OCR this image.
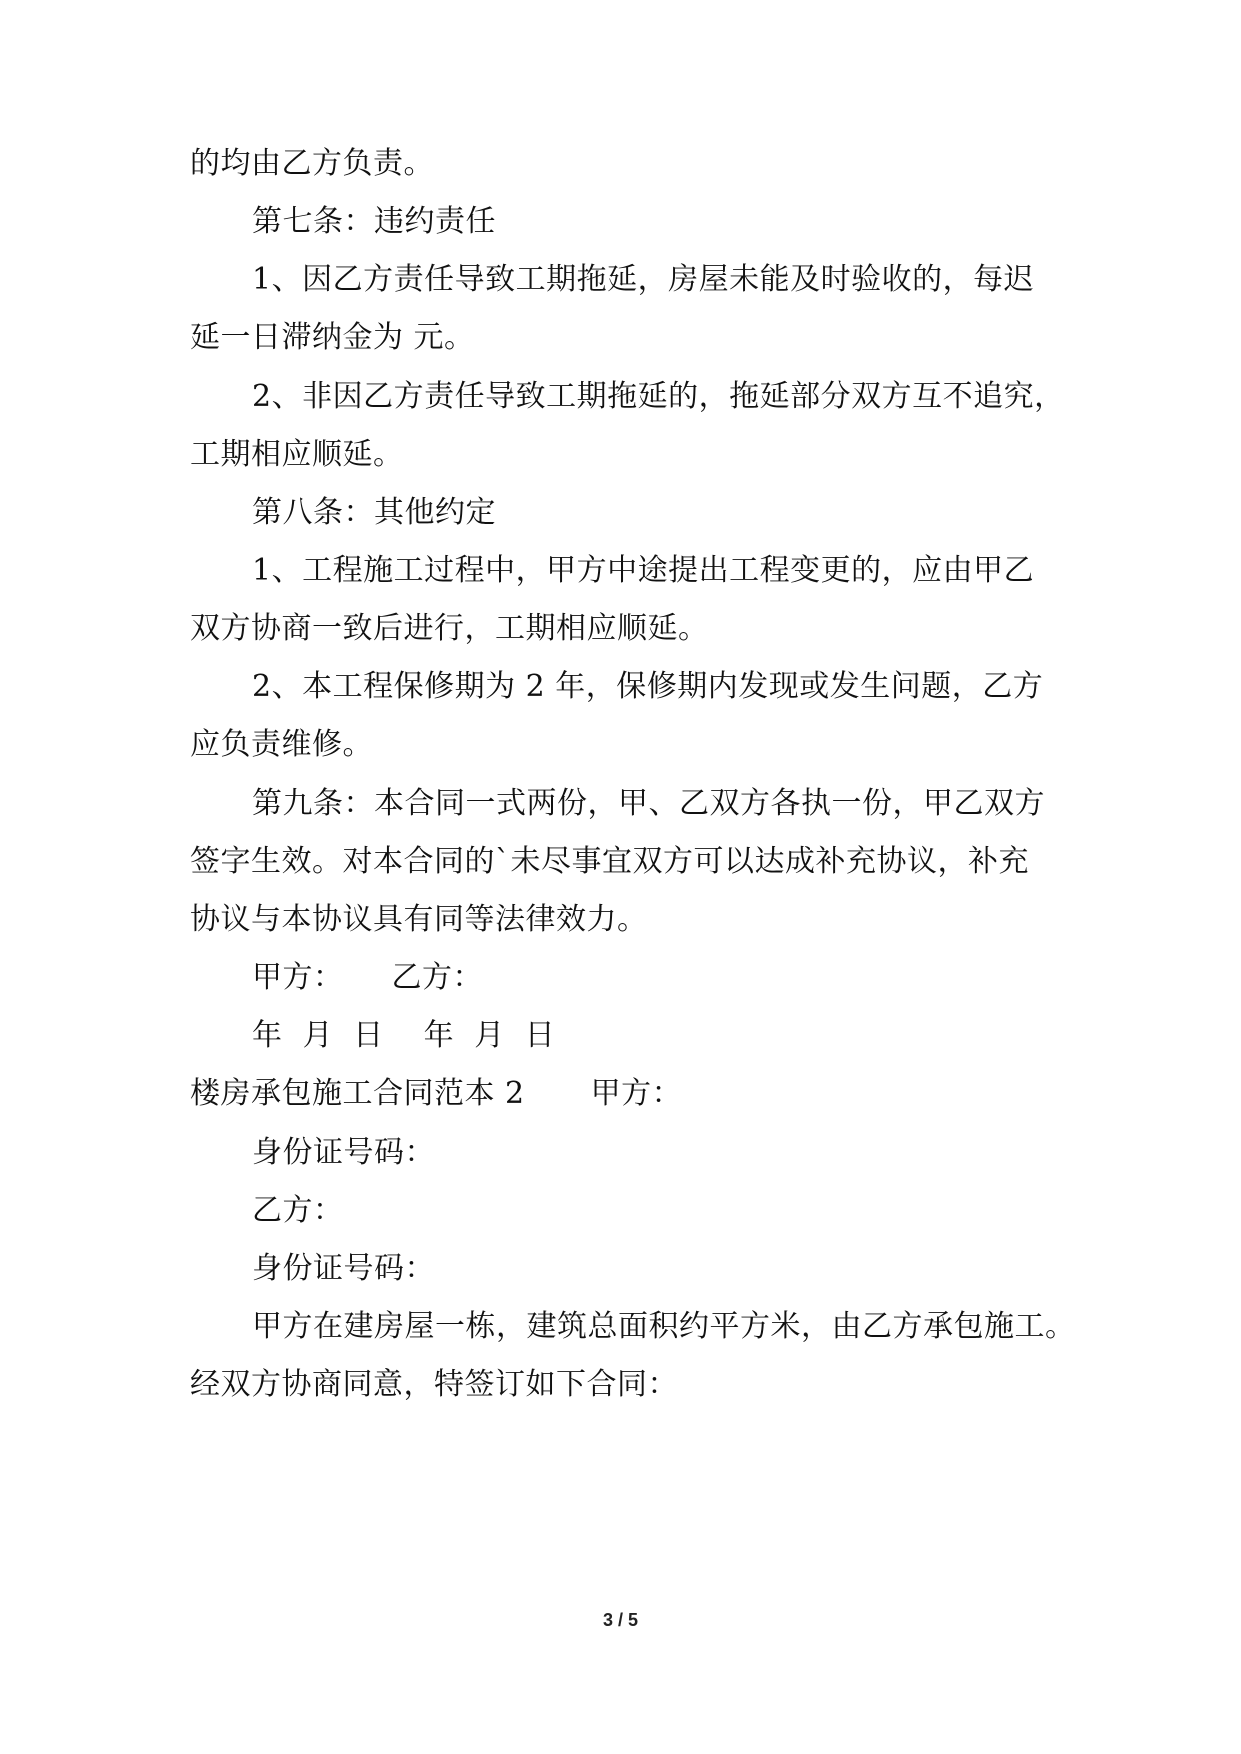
的均由乙方负责。
第七条：违约责任
1、因乙方责任导致工期拖延，房屋未能及时验收的，每迟
延一日滞纳金为 元。
2、非因乙方责任导致工期拖延的，拖延部分双方互不追究，
工期相应顺延。
第八条：其他约定
1、工程施工过程中，甲方中途提出工程变更的，应由甲乙
双方协商一致后进行，工期相应顺延。
2、本工程保修期为 2 年，保修期内发现或发生问题，乙方
应负责维修。
第九条：本合同一式两份，甲、乙双方各执一份，甲乙双方
签字生效。对本合同的`未尽事宜双方可以达成补充协议，补充
协议与本协议具有同等法律效力。
甲方： 乙方：
年  月  日 年  月  日
楼房承包施工合同范本 2 甲方：
身份证号码：
乙方：
身份证号码：
甲方在建房屋一栋，建筑总面积约平方米，由乙方承包施工。
经双方协商同意，特签订如下合同：
3 / 5
